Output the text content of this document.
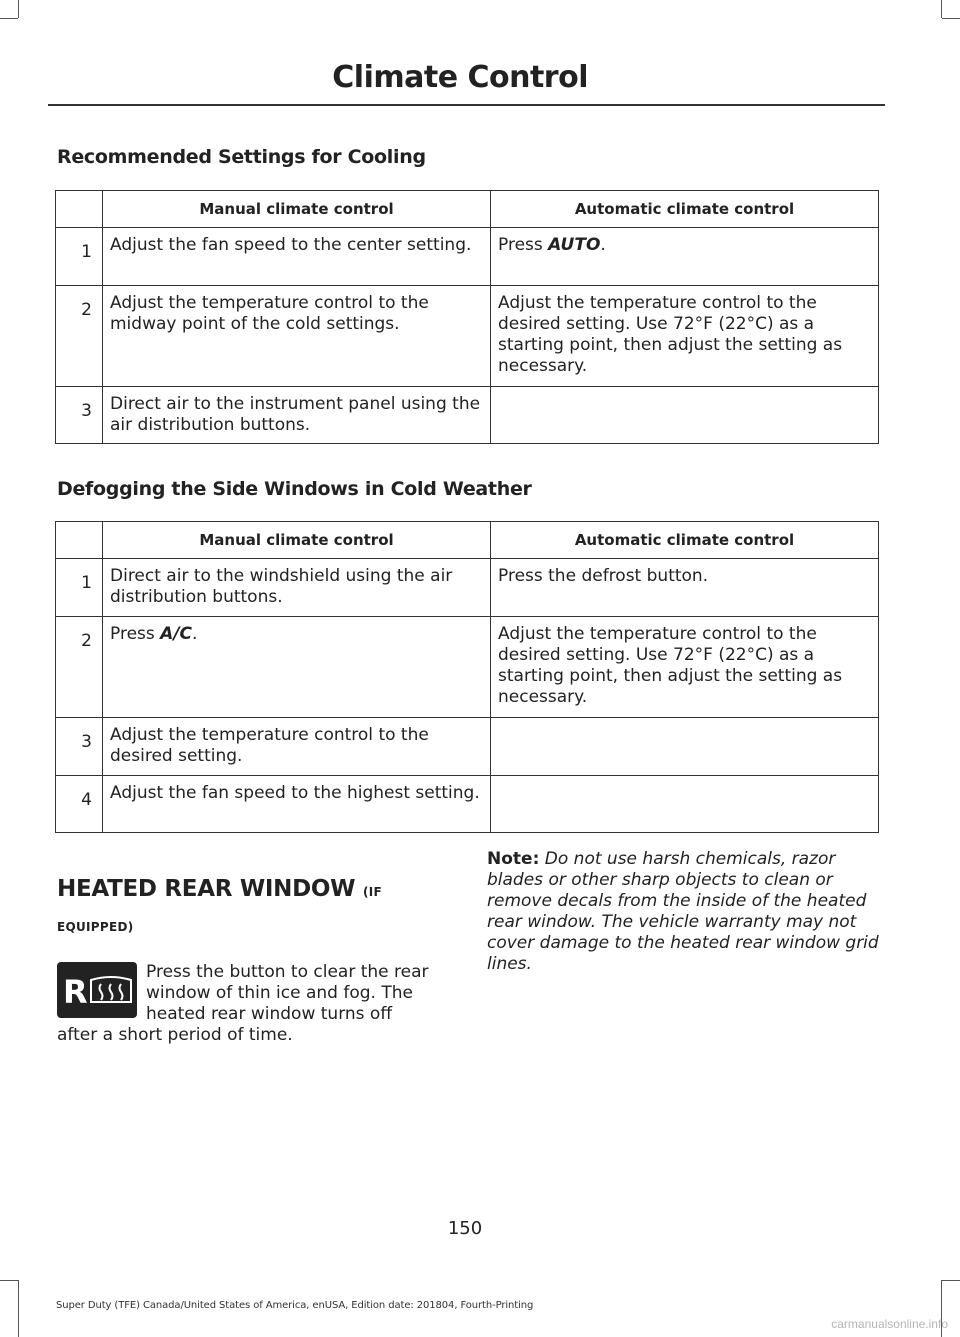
Climate Control
Recommended Settings for Cooling
	Manual climate control	Automatic climate control
1	Adjust the fan speed to the center setting.	Press AUTO.
2	Adjust the temperature control to the midway point of the cold settings.	Adjust the temperature control to the desired setting. Use 72°F (22°C) as a starting point, then adjust the setting as necessary.
3	Direct air to the instrument panel using the air distribution buttons.	
Defogging the Side Windows in Cold Weather
	Manual climate control	Automatic climate control
1	Direct air to the windshield using the air distribution buttons.	Press the defrost button.
2	Press A/C.	Adjust the temperature control to the desired setting. Use 72°F (22°C) as a starting point, then adjust the setting as necessary.
3	Adjust the temperature control to the desired setting.	
4	Adjust the fan speed to the highest setting.	
HEATED REAR WINDOW (IF
EQUIPPED)
R
Press the button to clear the rear
window of thin ice and fog. The
heated rear window turns off
after a short period of time.
Note: Do not use harsh chemicals, razor blades or other sharp objects to clean or remove decals from the inside of the heated rear window. The vehicle warranty may not cover damage to the heated rear window grid lines.
150
Super Duty (TFE) Canada/United States of America, enUSA, Edition date: 201804, Fourth-Printing
carmanualsonline.info
